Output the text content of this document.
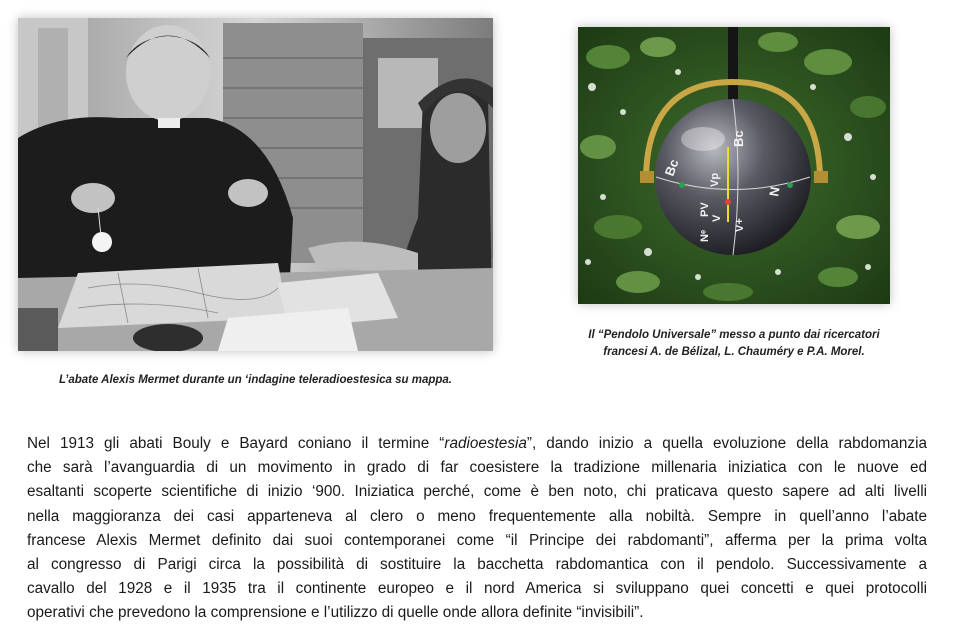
Bc
Bc
N
V
Vp
Nᵉ
PV
V+
L’abate Alexis Mermet durante un ‘indagine teleradioestesica su mappa.
Il “Pendolo Universale” messo a punto dai ricercatori
francesi A. de Bélizal, L. Chauméry e P.A. Morel.
Nel 1913 gli abati Bouly e Bayard coniano il termine “radioestesia”, dando inizio a quella evoluzione della rabdomanzia
che sarà l’avanguardia di un movimento in grado di far coesistere la tradizione millenaria iniziatica con le nuove ed
esaltanti scoperte scientifiche di inizio ‘900. Iniziatica perché, come è ben noto, chi praticava questo sapere ad alti livelli
nella maggioranza dei casi apparteneva al clero o meno frequentemente alla nobiltà. Sempre in quell’anno l’abate
francese Alexis Mermet definito dai suoi contemporanei come “il Principe dei rabdomanti”, afferma per la prima volta
al congresso di Parigi circa la possibilità di sostituire la bacchetta rabdomantica con il pendolo. Successivamente a
cavallo del 1928 e il 1935 tra il continente europeo e il nord America si sviluppano quei concetti e quei protocolli
operativi che prevedono la comprensione e l’utilizzo di quelle onde allora definite “invisibili”.
